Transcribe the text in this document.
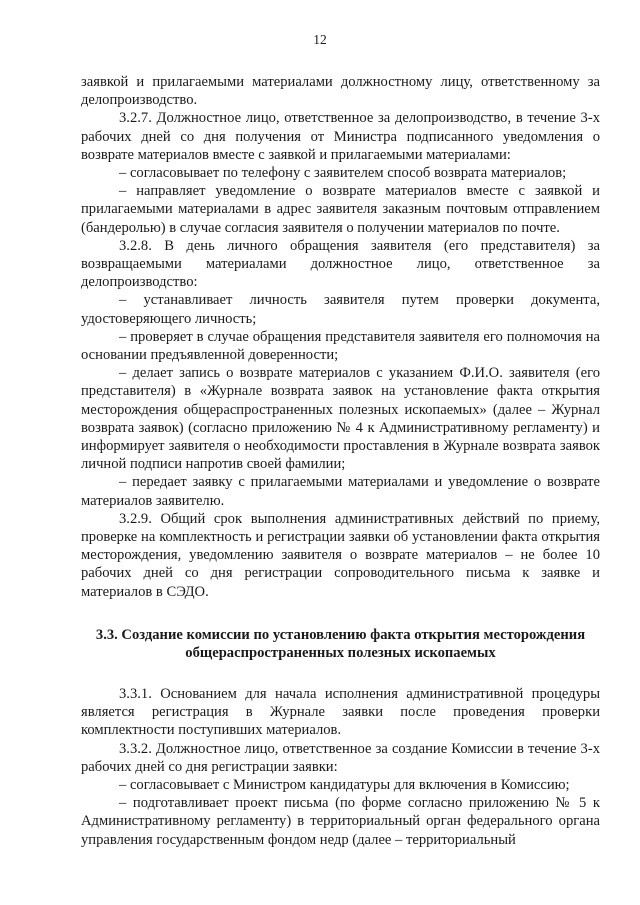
12

заявкой и прилагаемыми материалами должностному лицу, ответственному за делопроизводство.

3.2.7. Должностное лицо, ответственное за делопроизводство, в течение 3-х рабочих дней со дня получения от Министра подписанного уведомления о возврате материалов вместе с заявкой и прилагаемыми материалами:

– согласовывает по телефону с заявителем способ возврата материалов;

– направляет уведомление о возврате материалов вместе с заявкой и прилагаемыми материалами в адрес заявителя заказным почтовым отправлением (бандеролью) в случае согласия заявителя о получении материалов по почте.

3.2.8. В день личного обращения заявителя (его представителя) за возвращаемыми материалами должностное лицо, ответственное за делопроизводство:

– устанавливает личность заявителя путем проверки документа, удостоверяющего личность;

– проверяет в случае обращения представителя заявителя его полномочия на основании предъявленной доверенности;

– делает запись о возврате материалов с указанием Ф.И.О. заявителя (его представителя) в «Журнале возврата заявок на установление факта открытия месторождения общераспространенных полезных ископаемых» (далее – Журнал возврата заявок) (согласно приложению № 4 к Административному регламенту) и информирует заявителя о необходимости проставления в Журнале возврата заявок личной подписи напротив своей фамилии;

– передает заявку с прилагаемыми материалами и уведомление о возврате материалов заявителю.

3.2.9. Общий срок выполнения административных действий по приему, проверке на комплектность и регистрации заявки об установлении факта открытия месторождения, уведомлению заявителя о возврате материалов – не более 10 рабочих дней со дня регистрации сопроводительного письма к заявке и материалов в СЭДО.

3.3. Создание комиссии по установлению факта открытия месторождения
общераспространенных полезных ископаемых

3.3.1. Основанием для начала исполнения административной процедуры является регистрация в Журнале заявки после проведения проверки комплектности поступивших материалов.

3.3.2. Должностное лицо, ответственное за создание Комиссии в течение 3-х рабочих дней со дня регистрации заявки:

– согласовывает с Министром кандидатуры для включения в Комиссию;

– подготавливает проект письма (по форме согласно приложению № 5 к Административному регламенту) в территориальный орган федерального органа управления государственным фондом недр (далее – территориальный
